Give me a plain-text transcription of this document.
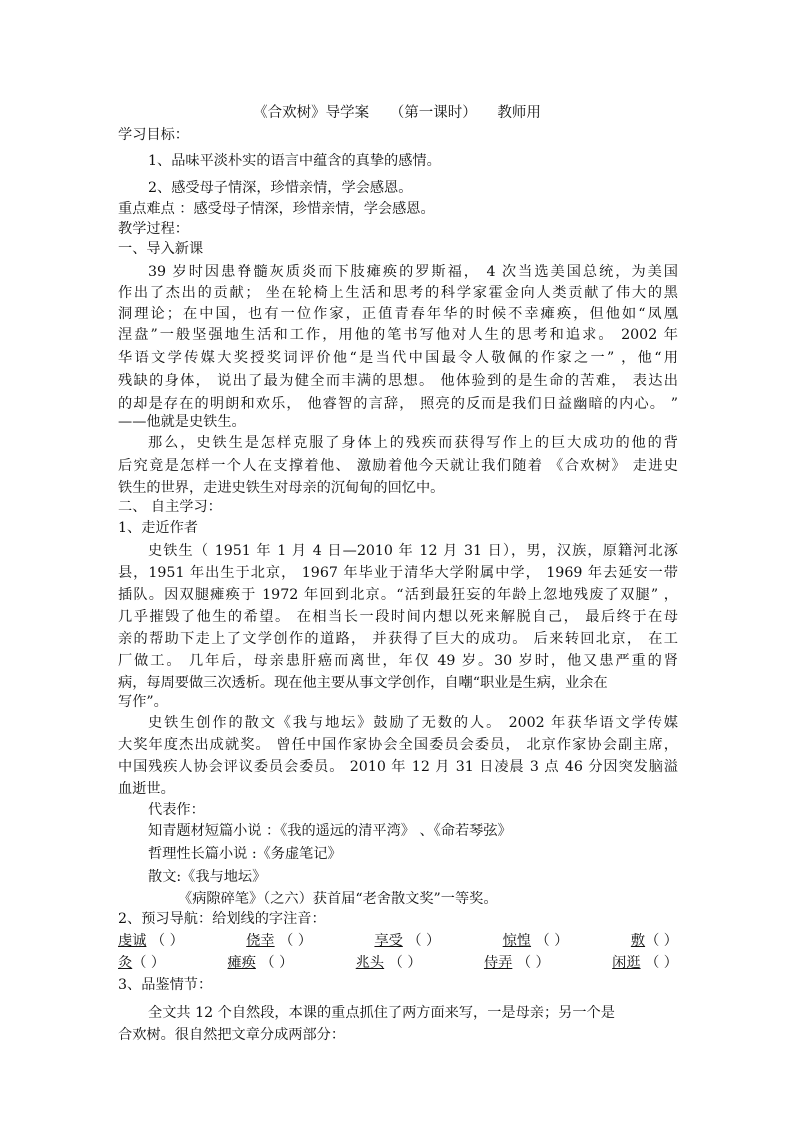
《合欢树》导学案 （第一课时） 教师用
学习目标：
1、品味平淡朴实的语言中蕴含的真挚的感情。
2、感受母子情深，珍惜亲情，学会感恩。
重点难点 ：感受母子情深，珍惜亲情，学会感恩。
教学过程：
一、导入新课
39 岁时因患脊髓灰质炎而下肢瘫痪的罗斯福， 4 次当选美国总统，为美国
作出了杰出的贡献； 坐在轮椅上生活和思考的科学家霍金向人类贡献了伟大的黑
洞理论；在中国，也有一位作家，正值青春年华的时候不幸瘫痪，但他如“凤凰
涅盘”一般坚强地生活和工作，用他的笔书写他对人生的思考和追求。 2002 年
华语文学传媒大奖授奖词评价他“是当代中国最令人敬佩的作家之一” ，他“用
残缺的身体， 说出了最为健全而丰满的思想。 他体验到的是生命的苦难， 表达出
的却是存在的明朗和欢乐， 他睿智的言辞， 照亮的反而是我们日益幽暗的内心。 ”
——他就是史铁生。
那么，史铁生是怎样克服了身体上的残疾而获得写作上的巨大成功的他的背
后究竟是怎样一个人在支撑着他、 激励着他今天就让我们随着 《合欢树》 走进史
铁生的世界，走进史铁生对母亲的沉甸甸的回忆中。
二、 自主学习：
1、走近作者
史铁生（ 1951 年 1 月 4 日—2010 年 12 月 31 日），男，汉族，原籍河北涿
县，1951 年出生于北京， 1967 年毕业于清华大学附属中学， 1969 年去延安一带
插队。因双腿瘫痪于 1972 年回到北京。“活到最狂妄的年龄上忽地残废了双腿” ，
几乎摧毁了他生的希望。 在相当长一段时间内想以死来解脱自己， 最后终于在母
亲的帮助下走上了文学创作的道路， 并获得了巨大的成功。 后来转回北京， 在工
厂做工。 几年后，母亲患肝癌而离世，年仅 49 岁。30 岁时，他又患严重的肾
病，每周要做三次透析。现在他主要从事文学创作，自嘲“职业是生病，业余在
写作”。
史铁生创作的散文《我与地坛》鼓励了无数的人。 2002 年获华语文学传媒
大奖年度杰出成就奖。 曾任中国作家协会全国委员会委员， 北京作家协会副主席，
中国残疾人协会评议委员会委员。 2010 年 12 月 31 日凌晨 3 点 46 分因突发脑溢
血逝世。
代表作：
知青题材短篇小说 ：《我的遥远的清平湾》 、《命若琴弦》
哲理性长篇小说 :《务虚笔记》
散文:《我与地坛》
《病隙碎笔》（之六）获首届“老舍散文奖”一等奖。
2、预习导航：给划线的字注音：
虔诚 （ ）	侥幸 （ ）	享受 （ ）	惊惶 （ ）	敷（ ）
灸（ ）	瘫痪 （ ）	兆头 （ ）	侍弄 （ ）	闲逛 （ ）
3、品鉴情节：
全文共 12 个自然段，本课的重点抓住了两方面来写，一是母亲；另一个是
合欢树。很自然把文章分成两部分：
